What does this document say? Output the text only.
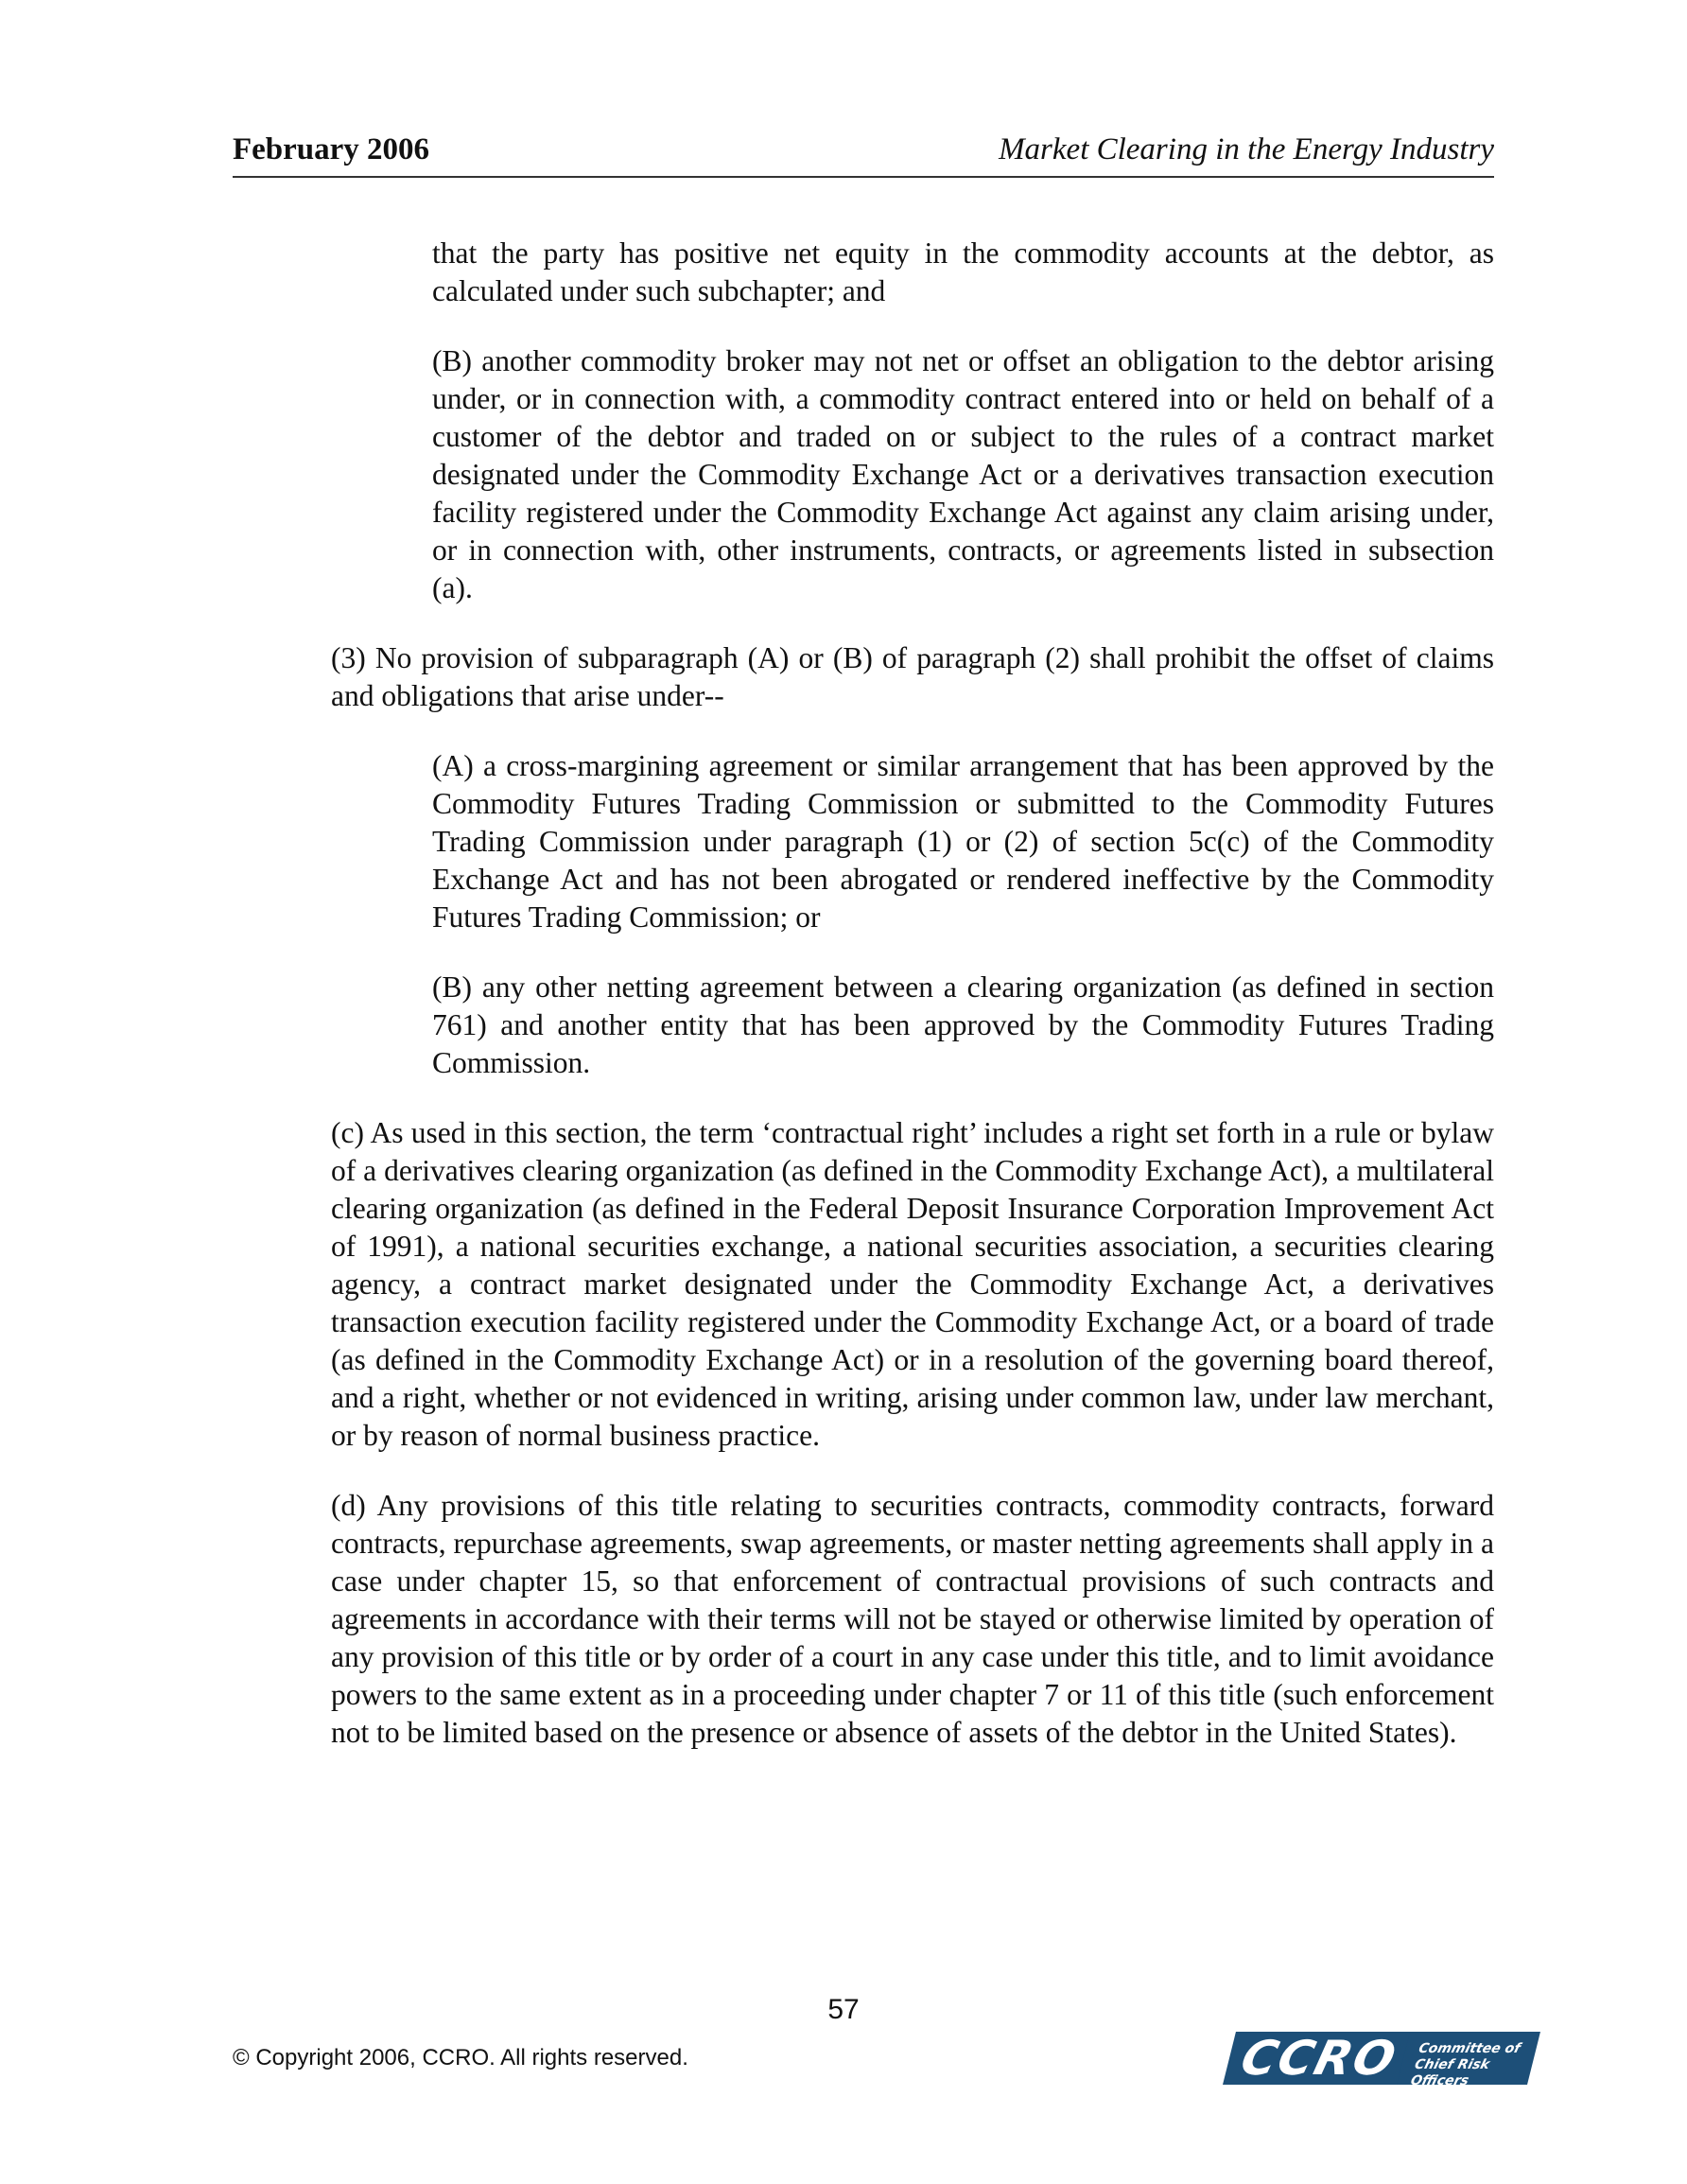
February 2006	Market Clearing in the Energy Industry

that the party has positive net equity in the commodity accounts at the debtor, as calculated under such subchapter; and

(B) another commodity broker may not net or offset an obligation to the debtor arising under, or in connection with, a commodity contract entered into or held on behalf of a customer of the debtor and traded on or subject to the rules of a contract market designated under the Commodity Exchange Act or a derivatives transaction execution facility registered under the Commodity Exchange Act against any claim arising under, or in connection with, other instruments, contracts, or agreements listed in subsection (a).

(3) No provision of subparagraph (A) or (B) of paragraph (2) shall prohibit the offset of claims and obligations that arise under--

(A) a cross-margining agreement or similar arrangement that has been approved by the Commodity Futures Trading Commission or submitted to the Commodity Futures Trading Commission under paragraph (1) or (2) of section 5c(c) of the Commodity Exchange Act and has not been abrogated or rendered ineffective by the Commodity Futures Trading Commission; or

(B) any other netting agreement between a clearing organization (as defined in section 761) and another entity that has been approved by the Commodity Futures Trading Commission.

(c) As used in this section, the term ‘contractual right’ includes a right set forth in a rule or bylaw of a derivatives clearing organization (as defined in the Commodity Exchange Act), a multilateral clearing organization (as defined in the Federal Deposit Insurance Corporation Improvement Act of 1991), a national securities exchange, a national securities association, a securities clearing agency, a contract market designated under the Commodity Exchange Act, a derivatives transaction execution facility registered under the Commodity Exchange Act, or a board of trade (as defined in the Commodity Exchange Act) or in a resolution of the governing board thereof, and a right, whether or not evidenced in writing, arising under common law, under law merchant, or by reason of normal business practice.

(d) Any provisions of this title relating to securities contracts, commodity contracts, forward contracts, repurchase agreements, swap agreements, or master netting agreements shall apply in a case under chapter 15, so that enforcement of contractual provisions of such contracts and agreements in accordance with their terms will not be stayed or otherwise limited by operation of any provision of this title or by order of a court in any case under this title, and to limit avoidance powers to the same extent as in a proceeding under chapter 7 or 11 of this title (such enforcement not to be limited based on the presence or absence of assets of the debtor in the United States).

57
© Copyright 2006, CCRO. All rights reserved.	CCRO	Committee of
Chief Risk Officers
